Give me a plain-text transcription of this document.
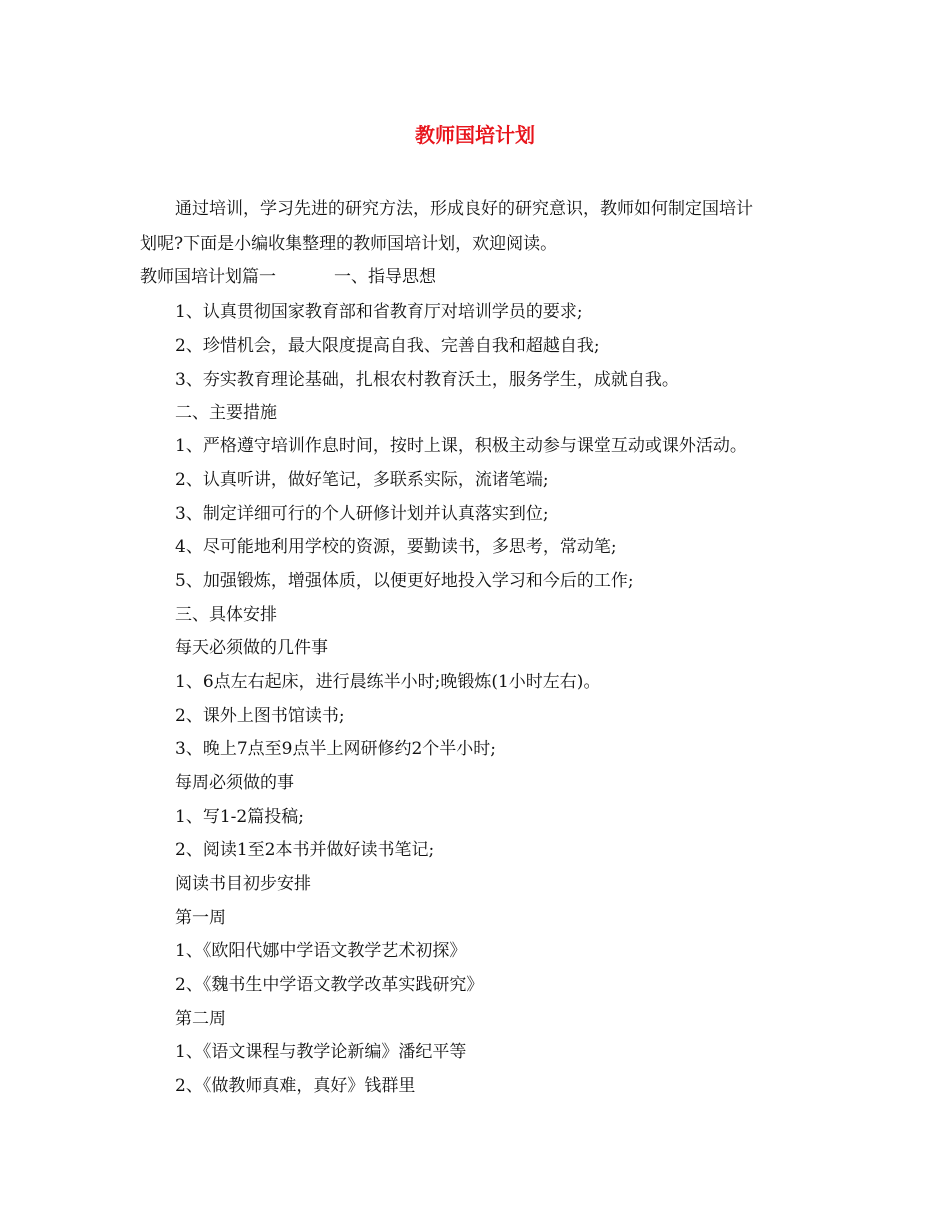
教师国培计划
通过培训，学习先进的研究方法，形成良好的研究意识，教师如何制定国培计
划呢?下面是小编收集整理的教师国培计划，欢迎阅读。
教师国培计划篇一	一、指导思想
1、认真贯彻国家教育部和省教育厅对培训学员的要求;
2、珍惜机会，最大限度提高自我、完善自我和超越自我;
3、夯实教育理论基础，扎根农村教育沃土，服务学生，成就自我。
二、主要措施
1、严格遵守培训作息时间，按时上课，积极主动参与课堂互动或课外活动。
2、认真听讲，做好笔记，多联系实际，流诸笔端;
3、制定详细可行的个人研修计划并认真落实到位;
4、尽可能地利用学校的资源，要勤读书，多思考，常动笔;
5、加强锻炼，增强体质，以便更好地投入学习和今后的工作;
三、具体安排
每天必须做的几件事
1、6点左右起床，进行晨练半小时;晚锻炼(1小时左右)。
2、课外上图书馆读书;
3、晚上7点至9点半上网研修约2个半小时;
每周必须做的事
1、写1-2篇投稿;
2、阅读1至2本书并做好读书笔记;
阅读书目初步安排
第一周
1、《欧阳代娜中学语文教学艺术初探》
2、《魏书生中学语文教学改革实践研究》
第二周
1、《语文课程与教学论新编》潘纪平等
2、《做教师真难，真好》钱群里
